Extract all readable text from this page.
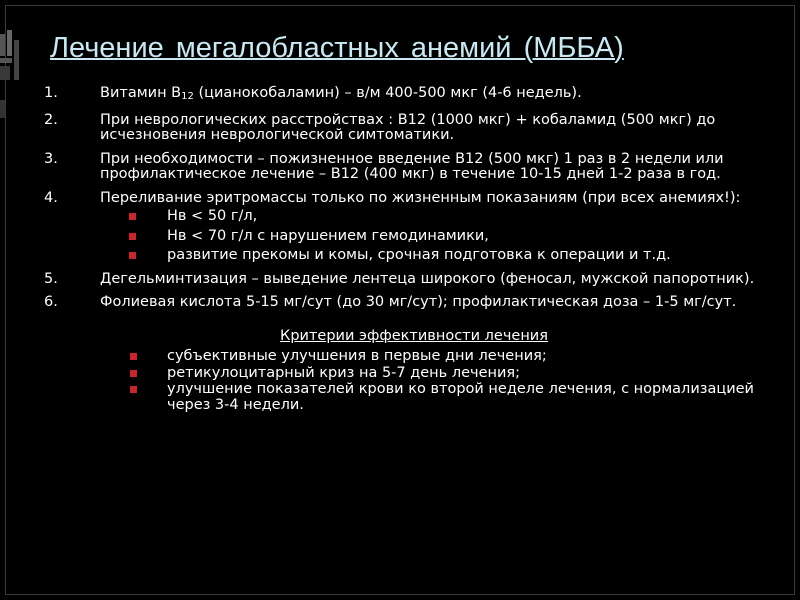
Лечение мегалобластных анемий (МББА)
1.	Витамин В12 (цианокобаламин) – в/м 400-500 мкг (4-6 недель).
2.	При неврологических расстройствах : В12 (1000 мкг) + кобаламид (500 мкг) до исчезновения неврологической симтоматики.
3.	При необходимости – пожизненное введение В12 (500 мкг) 1 раз в 2 недели или профилактическое лечение – В12 (400 мкг) в течение 10-15 дней 1-2 раза в год.
4.	Переливание эритромассы только по жизненным показаниям (при всех анемиях!):
Нв < 50 г/л,
Нв < 70 г/л с нарушением гемодинамики,
развитие прекомы и комы, срочная подготовка к операции и т.д.
5.	Дегельминтизация – выведение лентеца широкого (феносал, мужской папоротник).
6.	Фолиевая кислота 5-15 мг/сут (до 30 мг/сут); профилактическая доза – 1-5 мг/сут.
Критерии эффективности лечения
субъективные улучшения в первые дни лечения;
ретикулоцитарный криз на 5-7 день лечения;
улучшение показателей крови ко второй неделе лечения, с нормализацией через 3-4 недели.
